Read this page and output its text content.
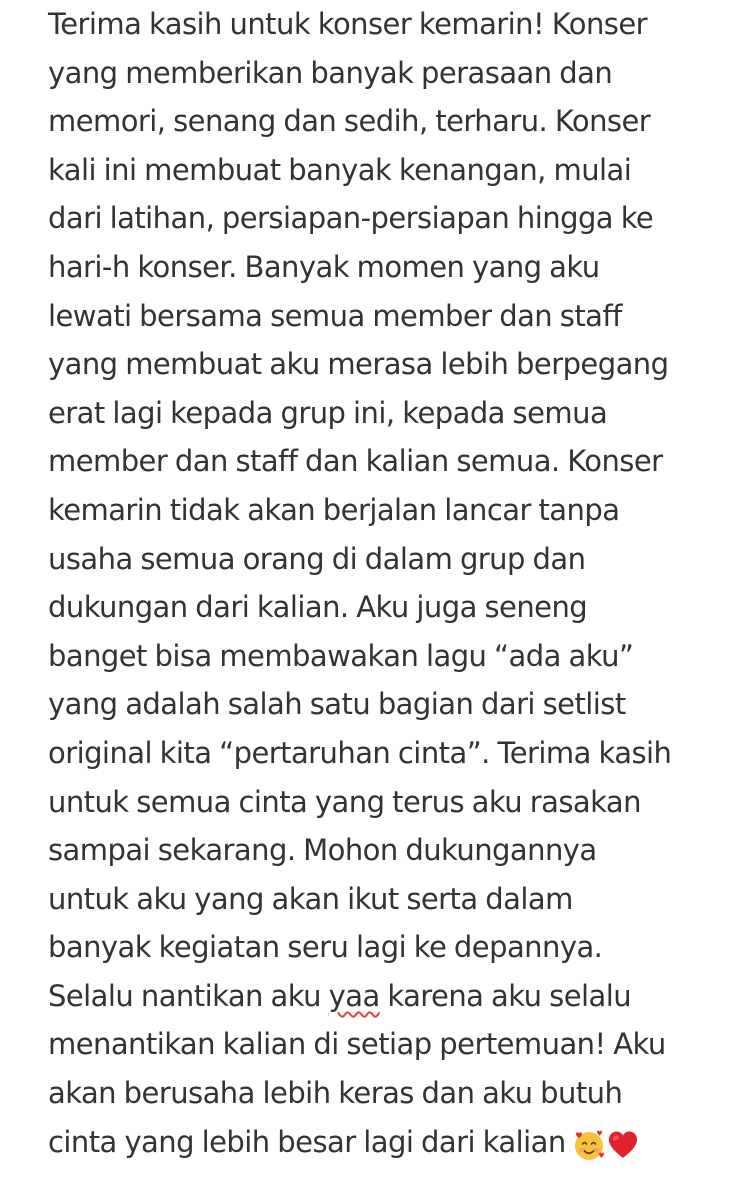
Terima kasih untuk konser kemarin! Konser
yang memberikan banyak perasaan dan
memori, senang dan sedih, terharu. Konser
kali ini membuat banyak kenangan, mulai
dari latihan, persiapan-persiapan hingga ke
hari-h konser. Banyak momen yang aku
lewati bersama semua member dan staff
yang membuat aku merasa lebih berpegang
erat lagi kepada grup ini, kepada semua
member dan staff dan kalian semua. Konser
kemarin tidak akan berjalan lancar tanpa
usaha semua orang di dalam grup dan
dukungan dari kalian. Aku juga seneng
banget bisa membawakan lagu “ada aku”
yang adalah salah satu bagian dari setlist
original kita “pertaruhan cinta”. Terima kasih
untuk semua cinta yang terus aku rasakan
sampai sekarang. Mohon dukungannya
untuk aku yang akan ikut serta dalam
banyak kegiatan seru lagi ke depannya.
Selalu nantikan aku yaa karena aku selalu
menantikan kalian di setiap pertemuan! Aku
akan berusaha lebih keras dan aku butuh
cinta yang lebih besar lagi dari kalian
